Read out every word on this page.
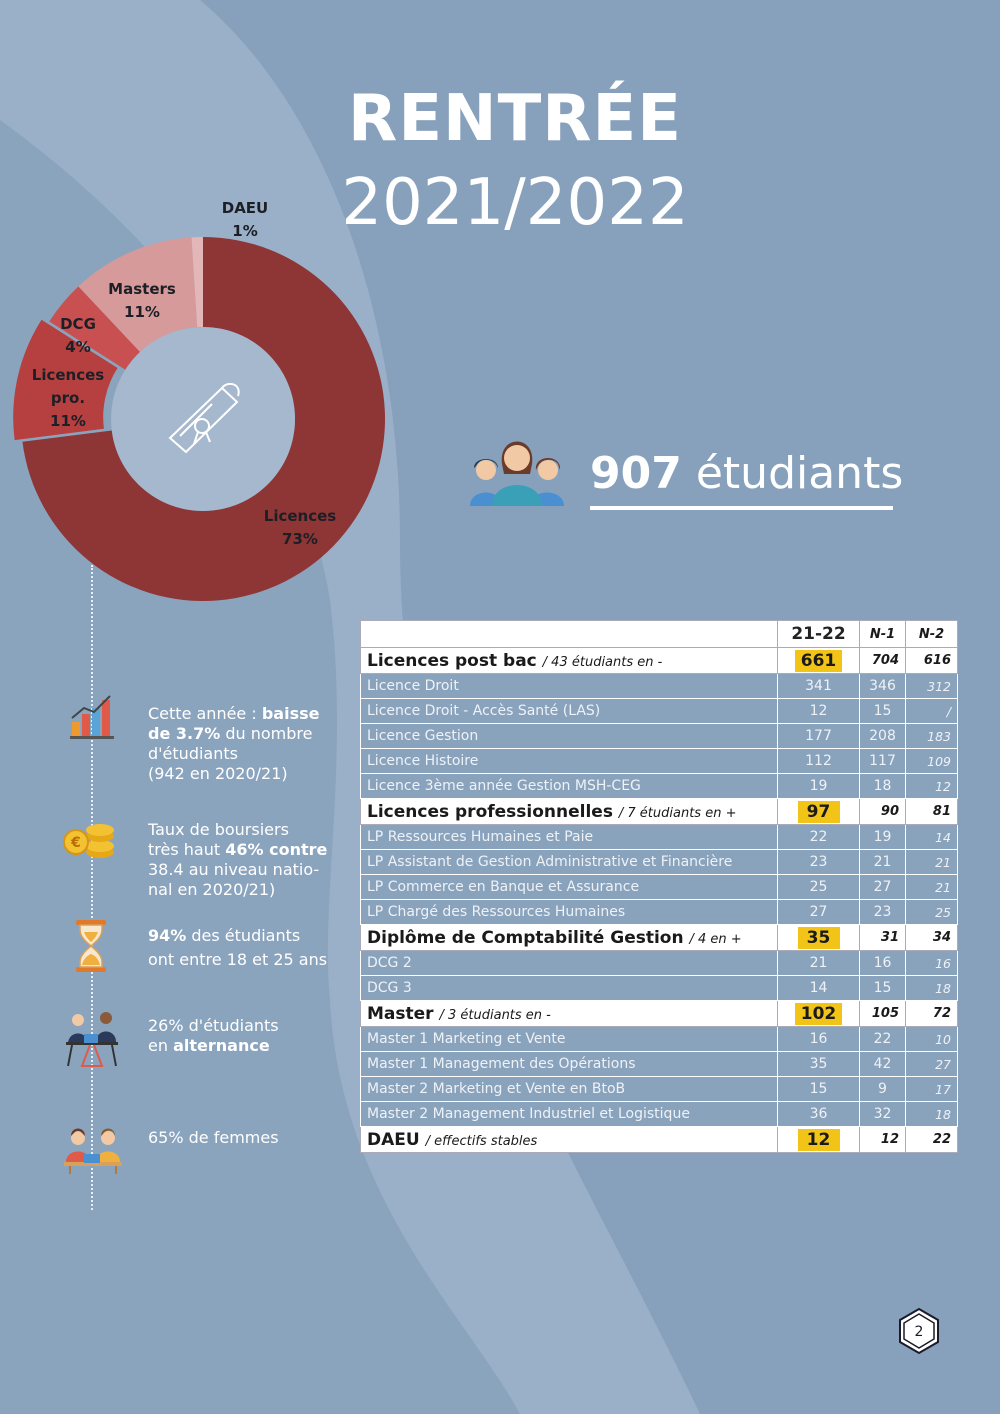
RENTRÉE
2021/2022
DAEU
1%
Masters
11%
DCG
4%
Licences
pro.
11%
Licences
73%
907 étudiants
Cette année : baisse
de 3.7% du nombre
d'étudiants
(942 en 2020/21)
€
Taux de boursiers
très haut 46% contre
38.4 au niveau natio-
nal en 2020/21)
94% des étudiants
ont entre 18 et 25 ans
26% d'étudiants
en alternance
65% de femmes
	21-22	N-1	N-2
Licences post bac / 43 étudiants en -	661	704	616
Licence Droit	341	346	312
Licence Droit - Accès Santé (LAS)	12	15	/
Licence Gestion	177	208	183
Licence Histoire	112	117	109
Licence 3ème année Gestion MSH-CEG	19	18	12
Licences professionnelles / 7 étudiants en +	97	90	81
LP Ressources Humaines et Paie	22	19	14
LP Assistant de Gestion Administrative et Financière	23	21	21
LP Commerce en Banque et Assurance	25	27	21
LP Chargé des Ressources Humaines	27	23	25
Diplôme de Comptabilité Gestion / 4 en +	35	31	34
DCG 2	21	16	16
DCG 3	14	15	18
Master / 3 étudiants en -	102	105	72
Master 1 Marketing et Vente	16	22	10
Master 1 Management des Opérations	35	42	27
Master 2 Marketing et Vente en BtoB	15	9	17
Master 2 Management Industriel et Logistique	36	32	18
DAEU / effectifs stables	12	12	22
2
